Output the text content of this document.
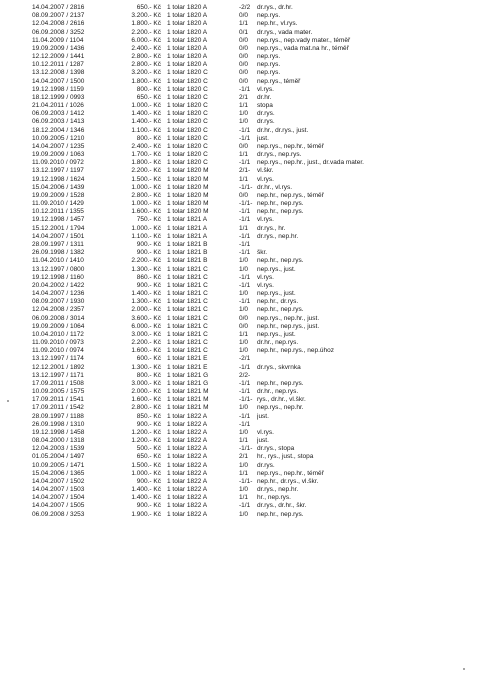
14.04.2007 / 2816	650.- Kč 1 tolar 1820 A	-2/2	dr.rys., dr.hr.
08.09.2007 / 2137	3.200.- Kč 1 tolar 1820 A	0/0	nep.rys.
12.04.2008 / 2616	1.800.- Kč 1 tolar 1820 A	1/1	nep.hr., vl.rys.
06.09.2008 / 3252	2.200.- Kč 1 tolar 1820 A	0/1	dr.rys., vada mater.
11.04.2009 / 1104	6.000.- Kč 1 tolar 1820 A	0/0	nep.rys., nep.vady mater., téměř
19.09.2009 / 1436	2.400.- Kč 1 tolar 1820 A	0/0	nep.rys., vada mat.na hr., téměř
12.12.2009 / 1441	2.800.- Kč 1 tolar 1820 A	0/0	nep.rys.
10.12.2011 / 1287	2.800.- Kč 1 tolar 1820 A	0/0	nep.rys.
13.12.2008 / 1398	3.200.- Kč 1 tolar 1820 C	0/0	nep.rys.
14.04.2007 / 1500	1.800.- Kč 1 tolar 1820 C	0/0	nep.rys., téměř
19.12.1998 / 1159	800.- Kč 1 tolar 1820 C	-1/1	vl.rys.
18.12.1999 / 0993	650.- Kč 1 tolar 1820 C	2/1	dr.hr.
21.04.2011 / 1026	1.000.- Kč 1 tolar 1820 C	1/1	stopa
06.09.2003 / 1412	1.400.- Kč 1 tolar 1820 C	1/0	dr.rys.
06.09.2003 / 1413	1.400.- Kč 1 tolar 1820 C	1/0	dr.rys.
18.12.2004 / 1346	1.100.- Kč 1 tolar 1820 C	-1/1	dr.hr., dr.rys., just.
10.09.2005 / 1210	800.- Kč 1 tolar 1820 C	-1/1	just.
14.04.2007 / 1235	2.400.- Kč 1 tolar 1820 C	0/0	nep.rys., nep.hr., téměř
19.09.2009 / 1063	1.700.- Kč 1 tolar 1820 C	1/1	dr.rys., nep.rys.
11.09.2010 / 0972	1.800.- Kč 1 tolar 1820 C	-1/1	nep.rys., nep.hr., just., dr.vada mater.
13.12.1997 / 1197	2.200.- Kč 1 tolar 1820 M	2/1-	vl.škr.
19.12.1998 / 1624	1.500.- Kč 1 tolar 1820 M	1/1	vl.rys.
15.04.2006 / 1439	1.000.- Kč 1 tolar 1820 M	-1/1- dr.hr., vl.rys.
19.09.2009 / 1528	2.800.- Kč 1 tolar 1820 M	0/0	nep.hr., nep.rys., téměř
11.09.2010 / 1429	1.000.- Kč 1 tolar 1820 M	-1/1- nep.hr., nep.rys.
10.12.2011 / 1355	1.600.- Kč 1 tolar 1820 M	-1/1	nep.hr., nep.rys.
19.12.1998 / 1457	750.- Kč 1 tolar 1821 A	-1/1	vl.rys.
15.12.2001 / 1794	1.000.- Kč 1 tolar 1821 A	1/1	dr.rys., hr.
14.04.2007 / 1501	1.100.- Kč 1 tolar 1821 A	-1/1	dr.rys., nep.hr.
28.09.1997 / 1311	900.- Kč 1 tolar 1821 B	-1/1
26.09.1998 / 1382	900.- Kč 1 tolar 1821 B	-1/1	škr.
11.04.2010 / 1410	2.200.- Kč 1 tolar 1821 B	1/0	nep.hr., nep.rys.
13.12.1997 / 0800	1.300.- Kč 1 tolar 1821 C	1/0	nep.rys., just.
19.12.1998 / 1160	860.- Kč 1 tolar 1821 C	-1/1	vl.rys.
20.04.2002 / 1422	900.- Kč 1 tolar 1821 C	-1/1	vl.rys.
14.04.2007 / 1236	1.400.- Kč 1 tolar 1821 C	1/0	nep.rys., just.
08.09.2007 / 1930	1.300.- Kč 1 tolar 1821 C	-1/1	nep.hr., dr.rys.
12.04.2008 / 2357	2.000.- Kč 1 tolar 1821 C	1/0	nep.hr., nep.rys.
06.09.2008 / 3014	3.600.- Kč 1 tolar 1821 C	0/0	nep.rys., nep.hr., just.
19.09.2009 / 1064	6.000.- Kč 1 tolar 1821 C	0/0	nep.hr., nep.rys., just.
10.04.2010 / 1172	3.000.- Kč 1 tolar 1821 C	1/1	nep.rys., just.
11.09.2010 / 0973	2.200.- Kč 1 tolar 1821 C	1/0	dr.hr., nep.rys.
11.09.2010 / 0974	1.600.- Kč 1 tolar 1821 C	1/0	nep.hr., nep.rys., nep.úhoz
13.12.1997 / 1174	600.- Kč 1 tolar 1821 E	-2/1
12.12.2001 / 1892	1.300.- Kč 1 tolar 1821 E	-1/1	dr.rys., skvrnka
13.12.1997 / 1171	800.- Kč 1 tolar 1821 G	2/2-
17.09.2011 / 1508	3.000.- Kč 1 tolar 1821 G	-1/1	nep.hr., nep.rys.
10.09.2005 / 1575	2.000.- Kč 1 tolar 1821 M	-1/1	dr.hr., nep.rys.
17.09.2011 / 1541	1.600.- Kč 1 tolar 1821 M	-1/1- rys., dr.hr., vl.škr.
17.09.2011 / 1542	2.800.- Kč 1 tolar 1821 M	1/0	nep.rys., nep.hr.
28.09.1997 / 1188	850.- Kč 1 tolar 1822 A	-1/1	just.
26.09.1998 / 1310	900.- Kč 1 tolar 1822 A	-1/1
19.12.1998 / 1458	1.200.- Kč 1 tolar 1822 A	1/0	vl.rys.
08.04.2000 / 1318	1.200.- Kč 1 tolar 1822 A	1/1	just.
12.04.2003 / 1539	500.- Kč 1 tolar 1822 A	-1/1- dr.rys., stopa
01.05.2004 / 1497	650.- Kč 1 tolar 1822 A	2/1	hr., rys., just., stopa
10.09.2005 / 1471	1.500.- Kč 1 tolar 1822 A	1/0	dr.rys.
15.04.2006 / 1365	1.000.- Kč 1 tolar 1822 A	1/1	nep.rys., nep.hr., téměř
14.04.2007 / 1502	900.- Kč 1 tolar 1822 A	-1/1- nep.hr., dr.rys., vl.škr.
14.04.2007 / 1503	1.400.- Kč 1 tolar 1822 A	1/0	dr.rys., nep.hr.
14.04.2007 / 1504	1.400.- Kč 1 tolar 1822 A	1/1	hr., nep.rys.
14.04.2007 / 1505	900.- Kč 1 tolar 1822 A	-1/1	dr.rys., dr.hr., škr.
06.09.2008 / 3253	1.900.- Kč 1 tolar 1822 A	1/0	nep.hr., nep.rys.
